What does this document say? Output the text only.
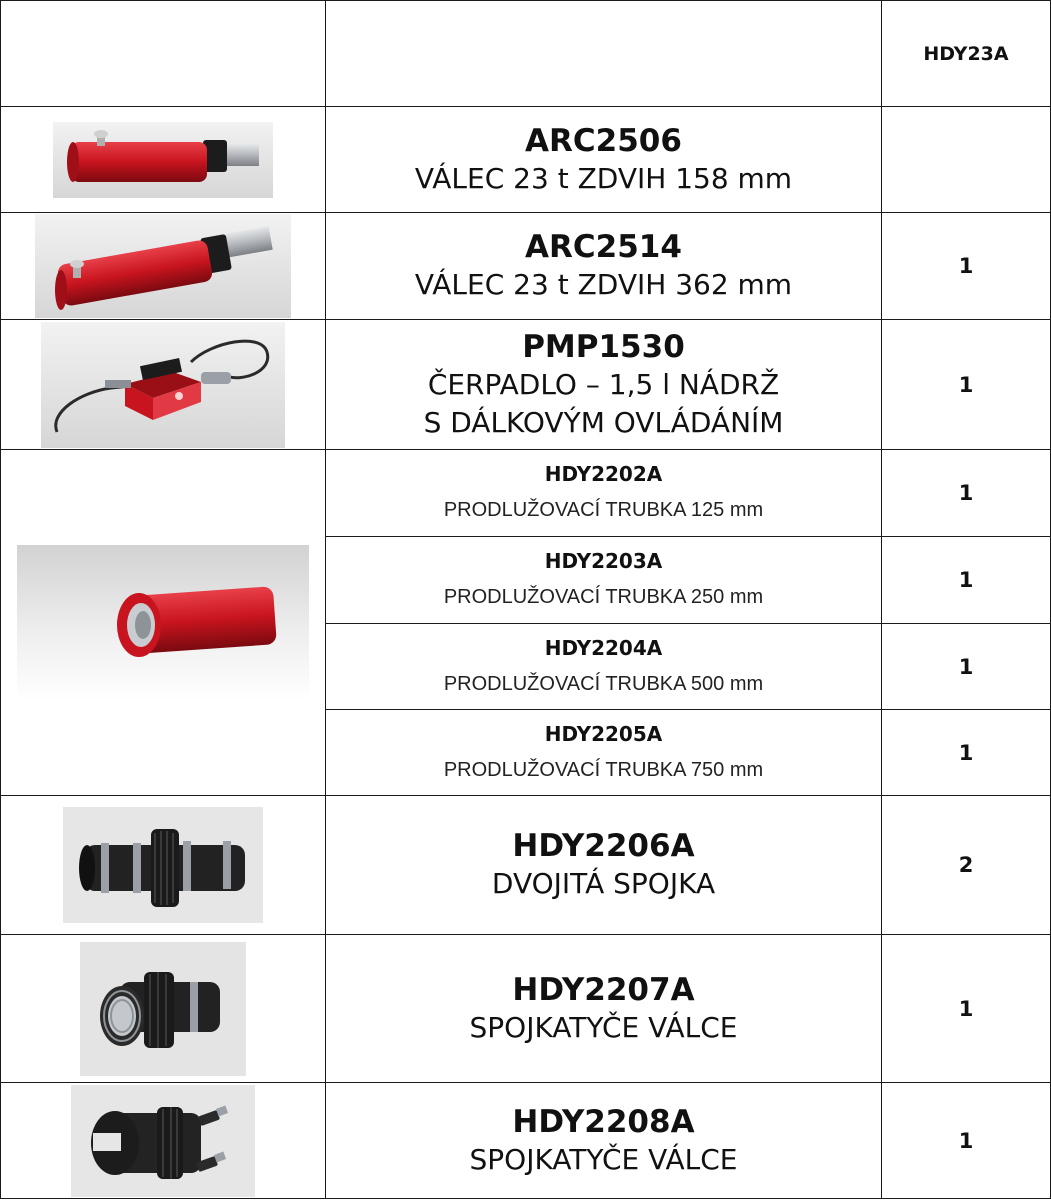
		HDY23A

ARC2506
VÁLEC 23 t ZDVIH 158 mm	

ARC2514
VÁLEC 23 t ZDVIH 362 mm	1

PMP1530
ČERPADLO – 1,5 l NÁDRŽ
S DÁLKOVÝM OVLÁDÁNÍM	1

HDY2202A
PRODLUŽOVACÍ TRUBKA 125 mm	1

	HDY2203A
PRODLUŽOVACÍ TRUBKA 250 mm	1

	HDY2204A
PRODLUŽOVACÍ TRUBKA 500 mm	1

	HDY2205A
PRODLUŽOVACÍ TRUBKA 750 mm	1

HDY2206A
DVOJITÁ SPOJKA	2

HDY2207A
SPOJKATYČE VÁLCE	1

HDY2208A
SPOJKATYČE VÁLCE	1
